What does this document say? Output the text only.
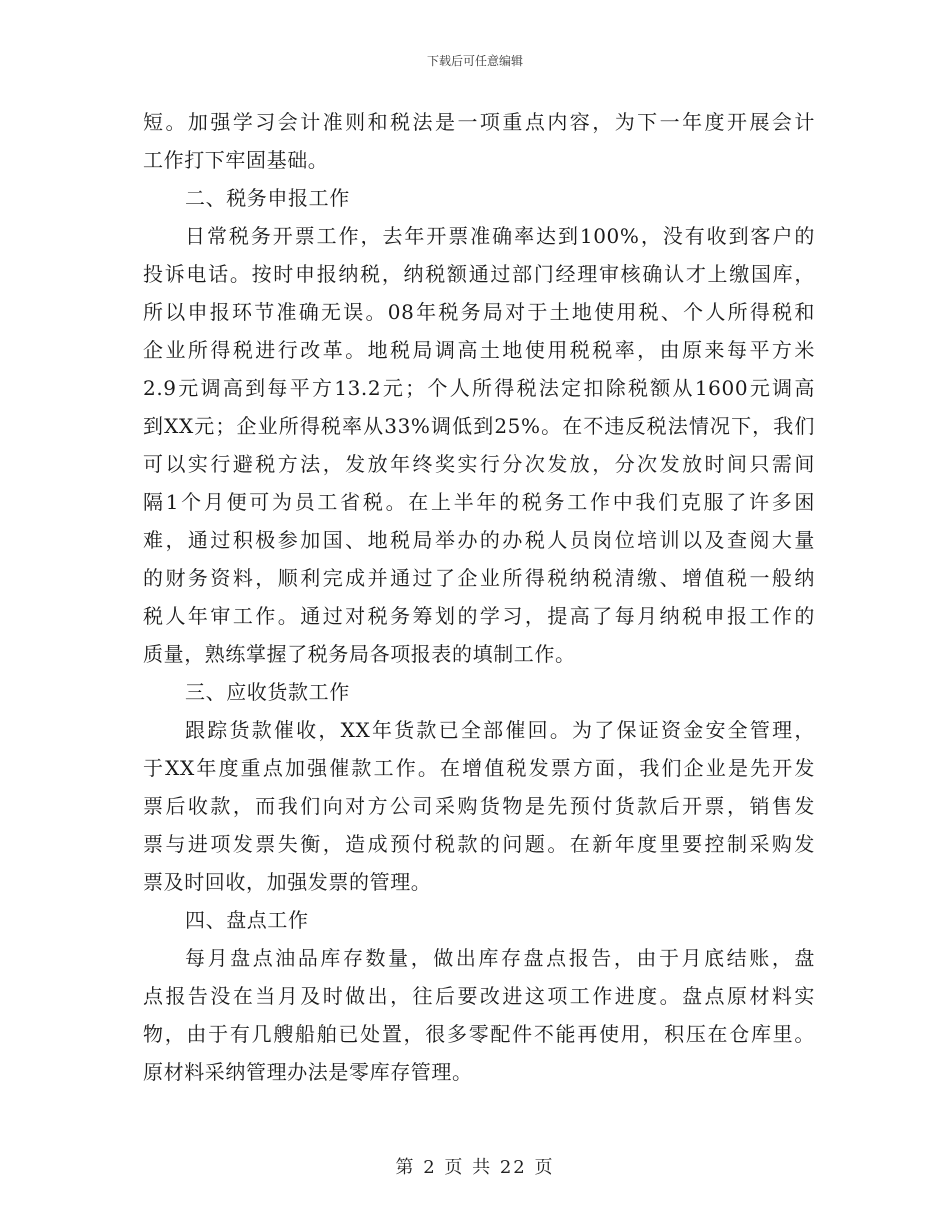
下载后可任意编辑
短。加强学习会计准则和税法是一项重点内容，为下一年度开展会计
工作打下牢固基础。
二、税务申报工作
日常税务开票工作，去年开票准确率达到100%，没有收到客户的
投诉电话。按时申报纳税，纳税额通过部门经理审核确认才上缴国库，
所以申报环节准确无误。08年税务局对于土地使用税、个人所得税和
企业所得税进行改革。地税局调高土地使用税税率，由原来每平方米
2.9元调高到每平方13.2元；个人所得税法定扣除税额从1600元调高
到XX元；企业所得税率从33%调低到25%。在不违反税法情况下，我们
可以实行避税方法，发放年终奖实行分次发放，分次发放时间只需间
隔1个月便可为员工省税。在上半年的税务工作中我们克服了许多困
难，通过积极参加国、地税局举办的办税人员岗位培训以及查阅大量
的财务资料，顺利完成并通过了企业所得税纳税清缴、增值税一般纳
税人年审工作。通过对税务筹划的学习，提高了每月纳税申报工作的
质量，熟练掌握了税务局各项报表的填制工作。
三、应收货款工作
跟踪货款催收，XX年货款已全部催回。为了保证资金安全管理，
于XX年度重点加强催款工作。在增值税发票方面，我们企业是先开发
票后收款，而我们向对方公司采购货物是先预付货款后开票，销售发
票与进项发票失衡，造成预付税款的问题。在新年度里要控制采购发
票及时回收，加强发票的管理。
四、盘点工作
每月盘点油品库存数量，做出库存盘点报告，由于月底结账，盘
点报告没在当月及时做出，往后要改进这项工作进度。盘点原材料实
物，由于有几艘船舶已处置，很多零配件不能再使用，积压在仓库里。
原材料采纳管理办法是零库存管理。
第 2 页 共 22 页
